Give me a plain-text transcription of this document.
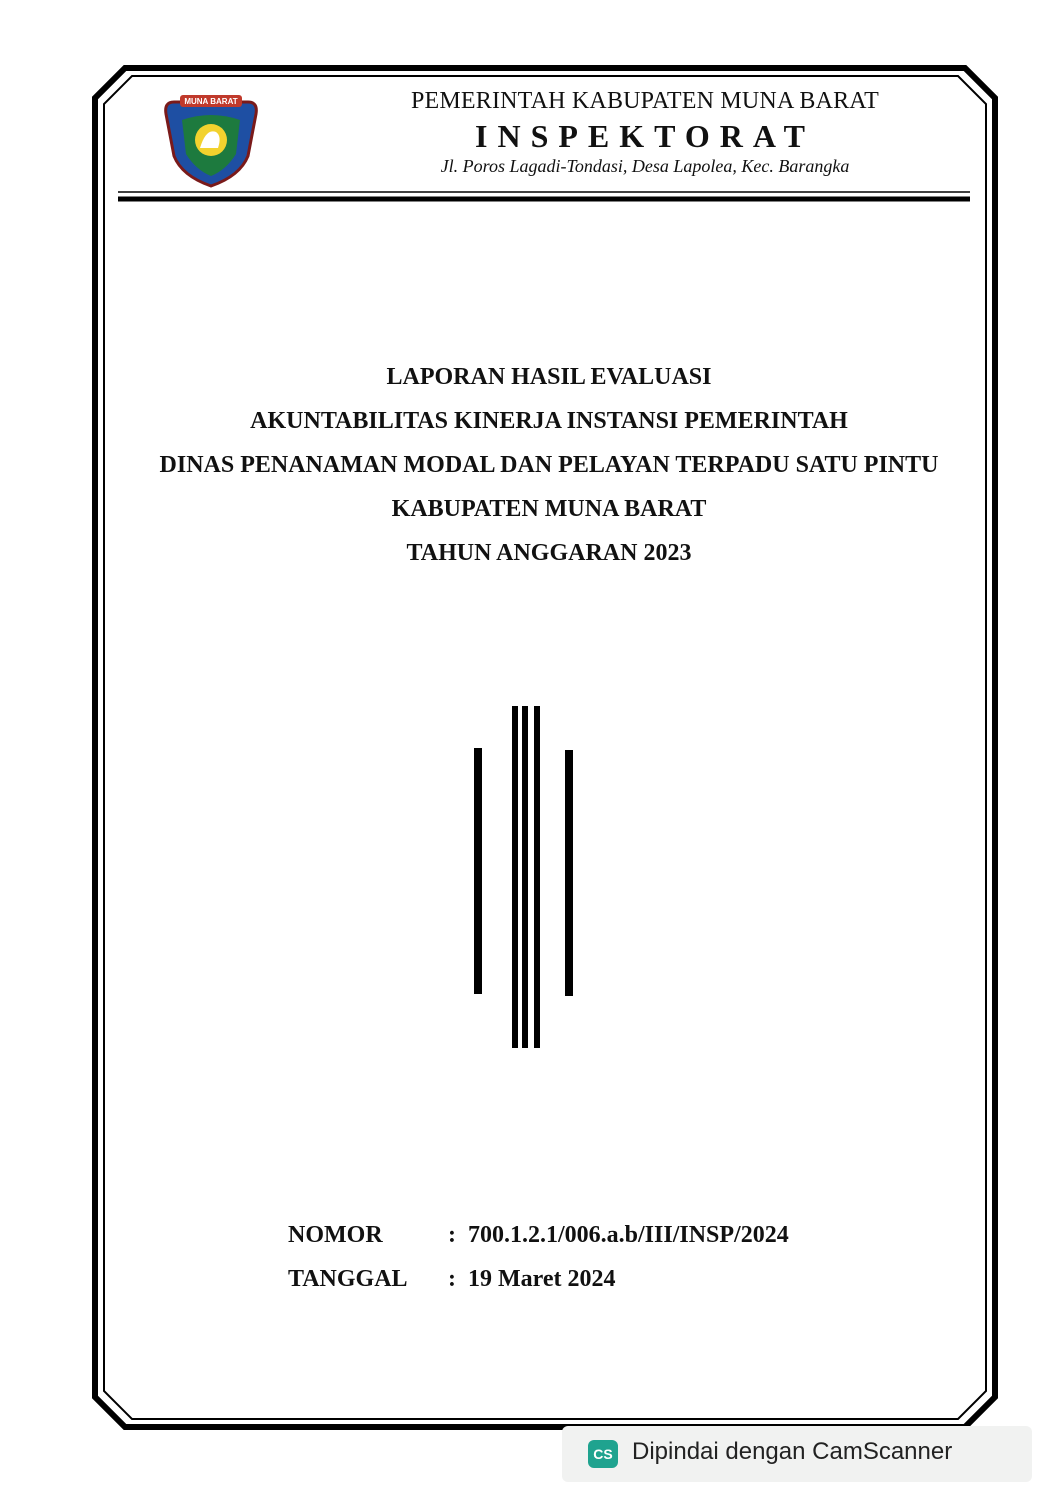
MUNA BARAT	PEMERINTAH KABUPATEN MUNA BARAT
INSPEKTORAT
Jl. Poros Lagadi-Tondasi, Desa Lapolea, Kec. Barangka
LAPORAN HASIL EVALUASI
AKUNTABILITAS KINERJA INSTANSI PEMERINTAH
DINAS PENANAMAN MODAL DAN PELAYAN TERPADU SATU PINTU
KABUPATEN MUNA BARAT
TAHUN ANGGARAN 2023
NOMOR	: 700.1.2.1/006.a.b/III/INSP/2024
TANGGAL : 19 Maret 2024
CS Dipindai dengan CamScanner
